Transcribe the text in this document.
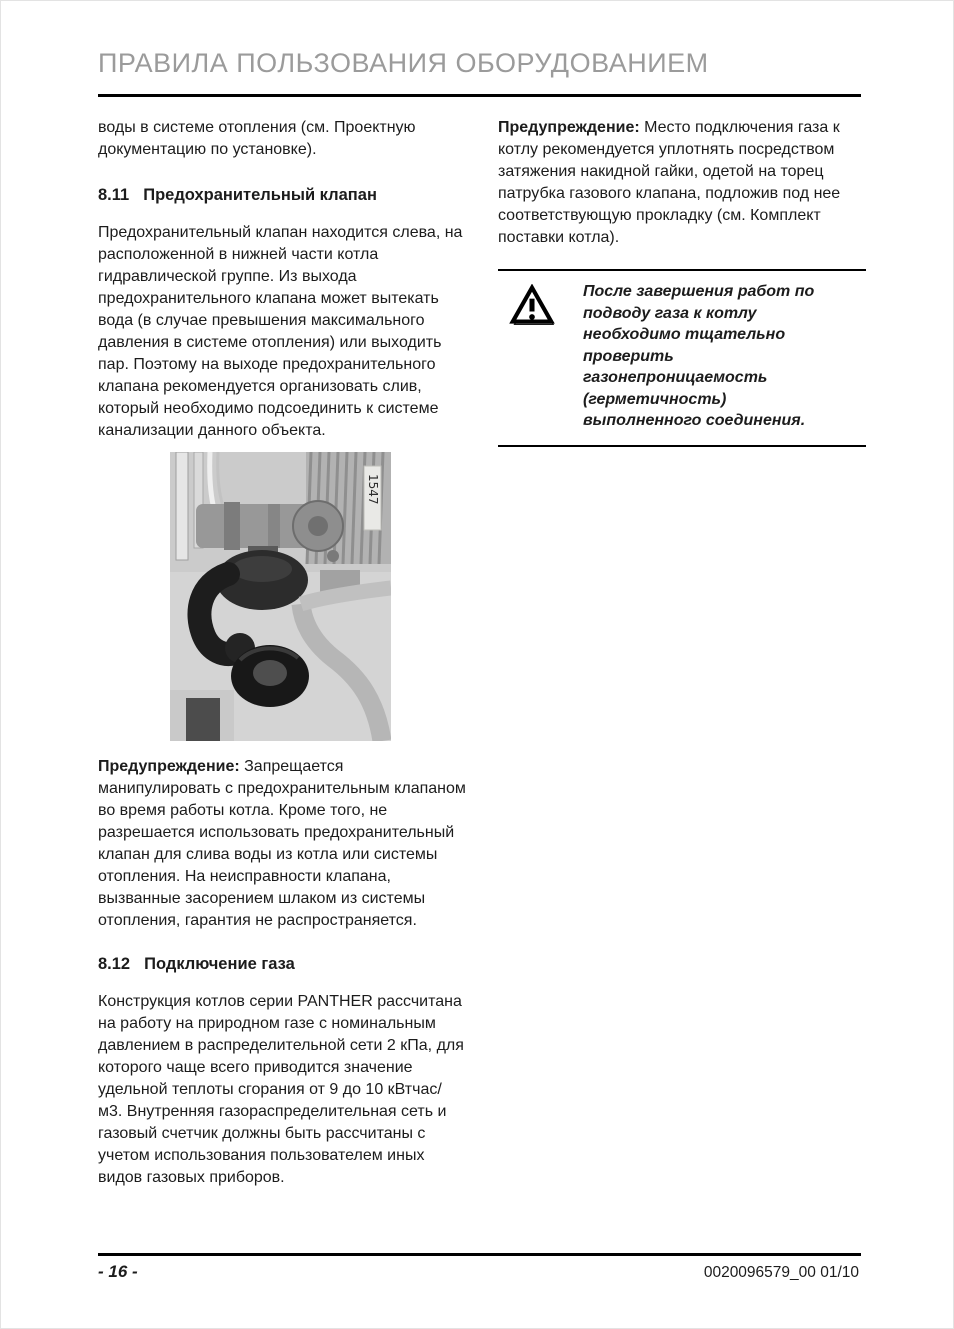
ПРАВИЛА ПОЛЬЗОВАНИЯ ОБОРУДОВАНИЕМ

воды в системе отопления (см. Проектную документацию по установке).

8.11 Предохранительный клапан

Предохранительный клапан находится слева, на расположенной в нижней части котла гидравлической группе. Из выхода предохранительного клапана может вытекать вода (в случае превышения максимального давления в системе отопления) или выходить пар. Поэтому на выходе предохранительного клапана рекомендуется организовать слив, который необходимо подсоединить к системе канализации данного объекта.

1547

Предупреждение: Запрещается манипулировать с предохранительным клапаном во время работы котла. Кроме того, не разрешается использовать предохранительный клапан для слива воды из котла или системы отопления. На неисправности клапана, вызванные засорением шлаком из системы отопления, гарантия не распространяется.

8.12 Подключение газа

Конструкция котлов серии PANTHER рассчитана на работу на природном газе с номинальным давлением в распределительной сети 2 кПа, для которого чаще всего приводится значение удельной теплоты сгорания от 9 до 10 кВтчас/м3. Внутренняя газораспределительная сеть и газовый счетчик должны быть рассчитаны с учетом использования пользователем иных видов газовых приборов.

Предупреждение: Место подключения газа к котлу рекомендуется уплотнять посредством затяжения накидной гайки, одетой на торец патрубка газового клапана, подложив под нее соответствующую прокладку (см. Комплект поставки котла).

После завершения работ по подводу газа к котлу необходимо тщательно проверить газонепроницаемость (герметичность) выполненного соединения.

- 16 -	0020096579_00 01/10
